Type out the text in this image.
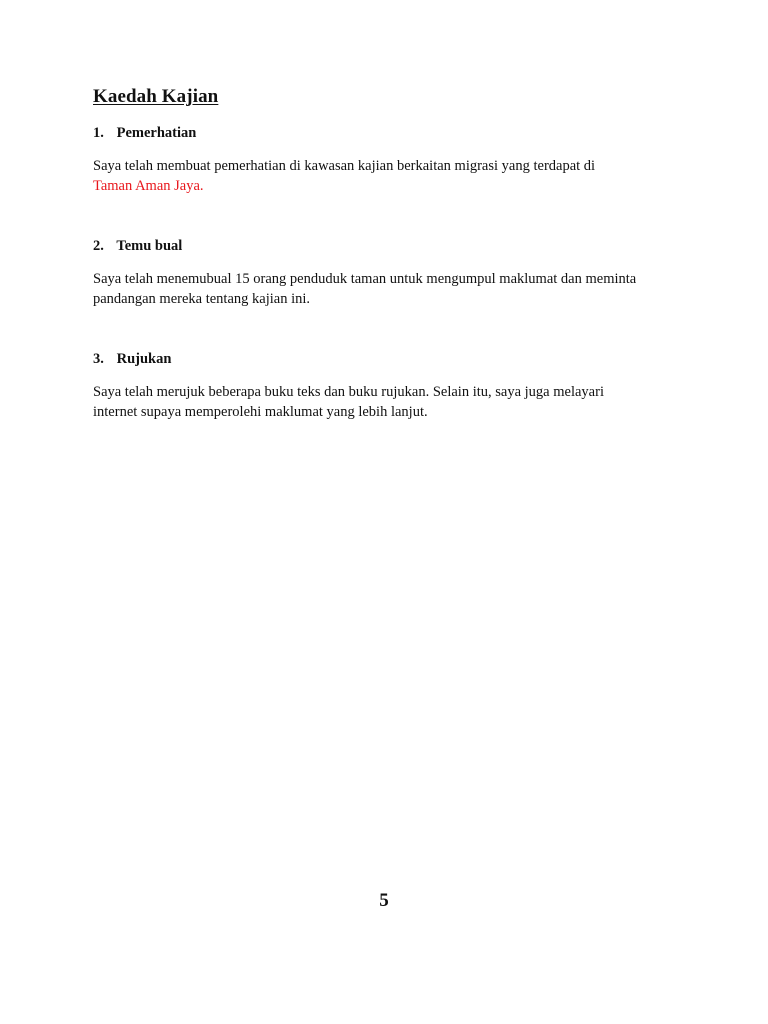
Kaedah Kajian
1. Pemerhatian

Saya telah membuat pemerhatian di kawasan kajian berkaitan migrasi yang terdapat di
Taman Aman Jaya.

2. Temu bual

Saya telah menemubual 15 orang penduduk taman untuk mengumpul maklumat dan meminta
pandangan mereka tentang kajian ini.

3. Rujukan

Saya telah merujuk beberapa buku teks dan buku rujukan. Selain itu, saya juga melayari
internet supaya memperolehi maklumat yang lebih lanjut.

5
